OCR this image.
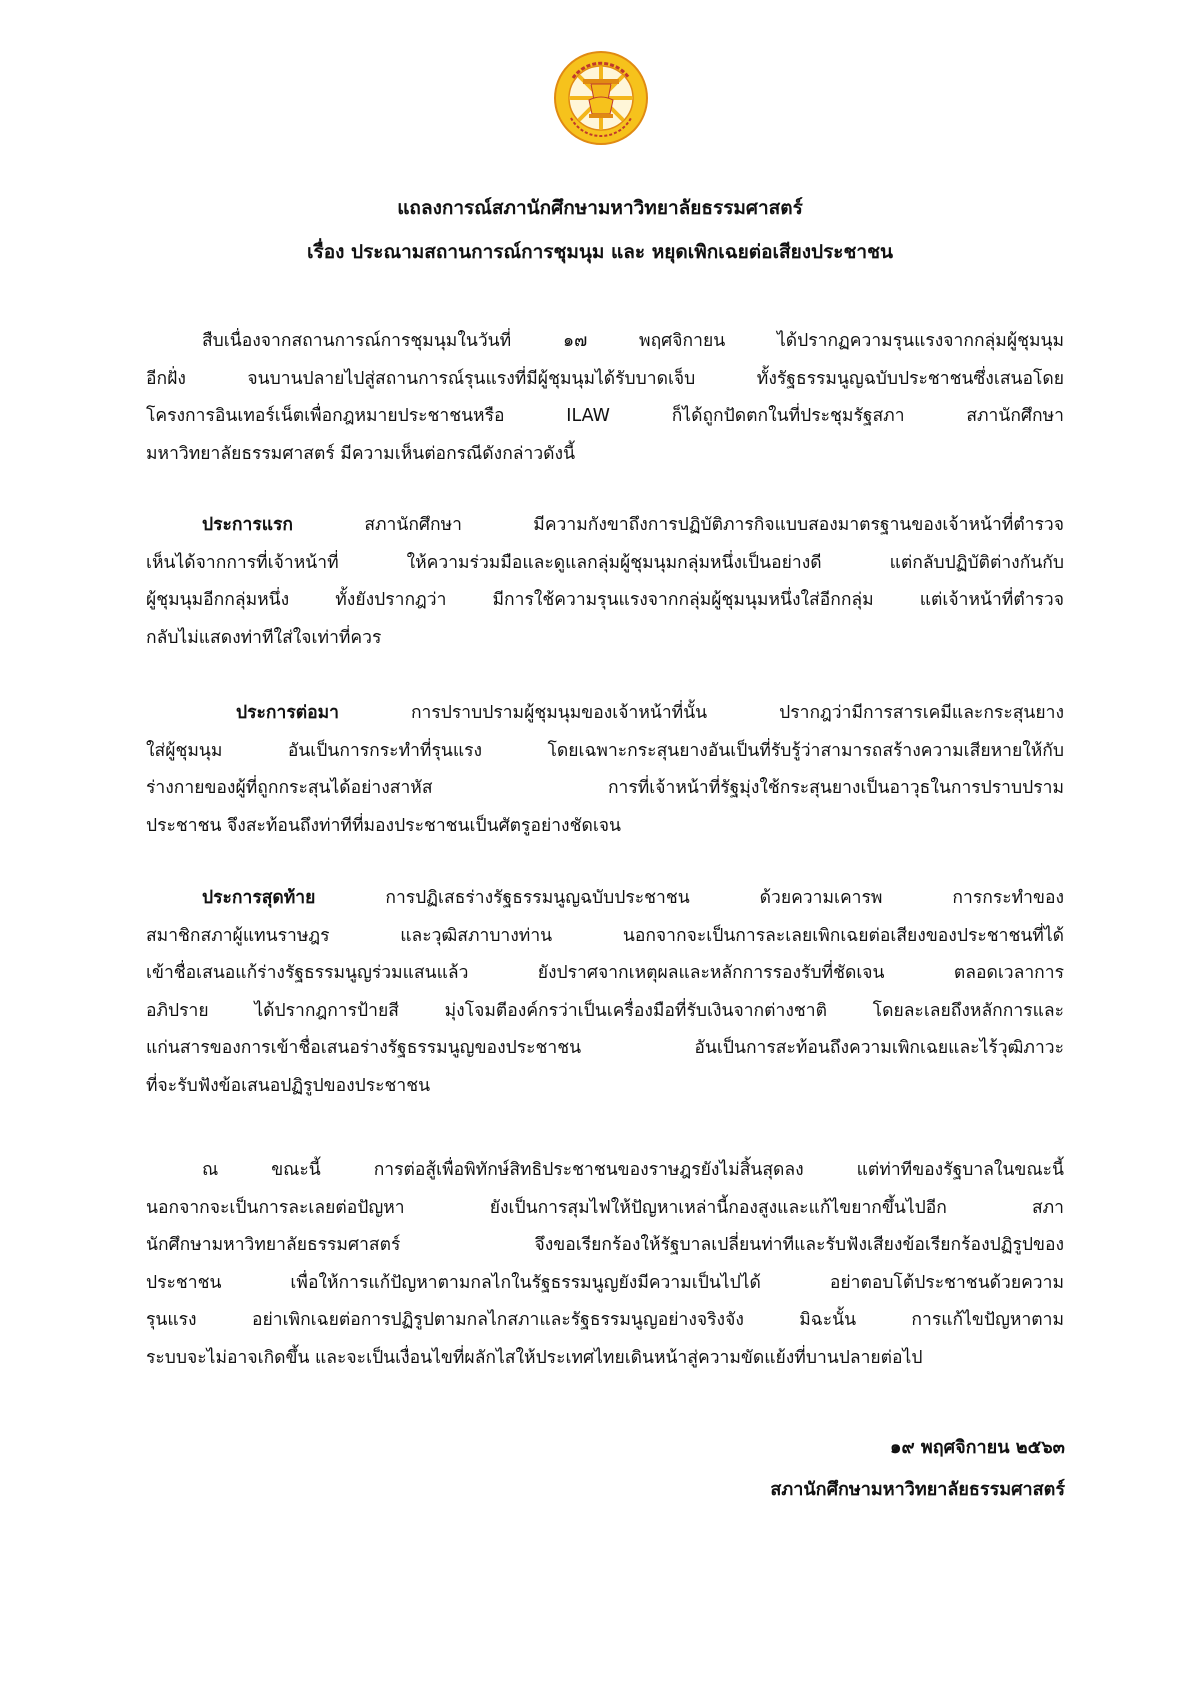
แถลงการณ์สภานักศึกษามหาวิทยาลัยธรรมศาสตร์
เรื่อง ประณามสถานการณ์การชุมนุม และ หยุดเพิกเฉยต่อเสียงประชาชน
สืบเนื่องจากสถานการณ์การชุมนุมในวันที่ ๑๗ พฤศจิกายน ได้ปรากฏความรุนแรงจากกลุ่มผู้ชุมนุม
อีกฝั่ง จนบานปลายไปสู่สถานการณ์รุนแรงที่มีผู้ชุมนุมได้รับบาดเจ็บ ทั้งรัฐธรรมนูญฉบับประชาชนซึ่งเสนอโดย
โครงการอินเทอร์เน็ตเพื่อกฎหมายประชาชนหรือ ILAW ก็ได้ถูกปัดตกในที่ประชุมรัฐสภา สภานักศึกษา
มหาวิทยาลัยธรรมศาสตร์ มีความเห็นต่อกรณีดังกล่าวดังนี้
ประการแรก สภานักศึกษา มีความกังขาถึงการปฏิบัติภารกิจแบบสองมาตรฐานของเจ้าหน้าที่ตำรวจ
เห็นได้จากการที่เจ้าหน้าที่ ให้ความร่วมมือและดูแลกลุ่มผู้ชุมนุมกลุ่มหนึ่งเป็นอย่างดี แต่กลับปฏิบัติต่างกันกับ
ผู้ชุมนุมอีกกลุ่มหนึ่ง ทั้งยังปรากฎว่า มีการใช้ความรุนแรงจากกลุ่มผู้ชุมนุมหนึ่งใส่อีกกลุ่ม แต่เจ้าหน้าที่ตำรวจ
กลับไม่แสดงท่าทีใส่ใจเท่าที่ควร
ประการต่อมา การปราบปรามผู้ชุมนุมของเจ้าหน้าที่นั้น ปรากฎว่ามีการสารเคมีและกระสุนยาง
ใส่ผู้ชุมนุม อันเป็นการกระทำที่รุนแรง โดยเฉพาะกระสุนยางอันเป็นที่รับรู้ว่าสามารถสร้างความเสียหายให้กับ
ร่างกายของผู้ที่ถูกกระสุนได้อย่างสาหัส การที่เจ้าหน้าที่รัฐมุ่งใช้กระสุนยางเป็นอาวุธในการปราบปราม
ประชาชน จึงสะท้อนถึงท่าทีที่มองประชาชนเป็นศัตรูอย่างชัดเจน
ประการสุดท้าย การปฏิเสธร่างรัฐธรรมนูญฉบับประชาชน ด้วยความเคารพ การกระทำของ
สมาชิกสภาผู้แทนราษฎร และวุฒิสภาบางท่าน นอกจากจะเป็นการละเลยเพิกเฉยต่อเสียงของประชาชนที่ได้
เข้าชื่อเสนอแก้ร่างรัฐธรรมนูญร่วมแสนแล้ว ยังปราศจากเหตุผลและหลักการรองรับที่ชัดเจน ตลอดเวลาการ
อภิปราย ได้ปรากฎการป้ายสี มุ่งโจมตีองค์กรว่าเป็นเครื่องมือที่รับเงินจากต่างชาติ โดยละเลยถึงหลักการและ
แก่นสารของการเข้าชื่อเสนอร่างรัฐธรรมนูญของประชาชน อันเป็นการสะท้อนถึงความเพิกเฉยและไร้วุฒิภาวะ
ที่จะรับฟังข้อเสนอปฏิรูปของประชาชน
ณ ขณะนี้ การต่อสู้เพื่อพิทักษ์สิทธิประชาชนของราษฎรยังไม่สิ้นสุดลง แต่ท่าทีของรัฐบาลในขณะนี้
นอกจากจะเป็นการละเลยต่อปัญหา ยังเป็นการสุมไฟให้ปัญหาเหล่านี้กองสูงและแก้ไขยากขึ้นไปอีก สภา
นักศึกษามหาวิทยาลัยธรรมศาสตร์ จึงขอเรียกร้องให้รัฐบาลเปลี่ยนท่าทีและรับฟังเสียงข้อเรียกร้องปฏิรูปของ
ประชาชน เพื่อให้การแก้ปัญหาตามกลไกในรัฐธรรมนูญยังมีความเป็นไปได้ อย่าตอบโต้ประชาชนด้วยความ
รุนแรง อย่าเพิกเฉยต่อการปฏิรูปตามกลไกสภาและรัฐธรรมนูญอย่างจริงจัง มิฉะนั้น การแก้ไขปัญหาตาม
ระบบจะไม่อาจเกิดขึ้น และจะเป็นเงื่อนไขที่ผลักไสให้ประเทศไทยเดินหน้าสู่ความขัดแย้งที่บานปลายต่อไป
๑๙ พฤศจิกายน ๒๕๖๓
สภานักศึกษามหาวิทยาลัยธรรมศาสตร์
